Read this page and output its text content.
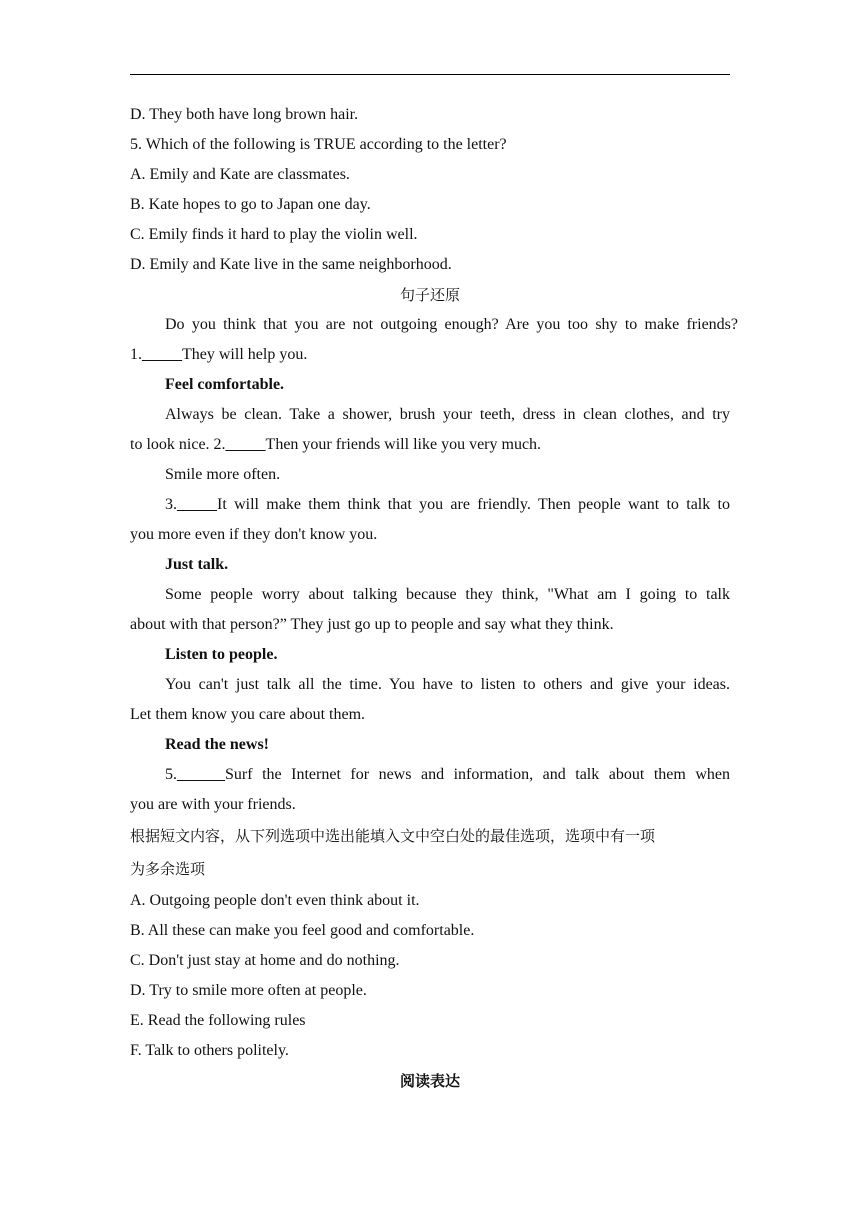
D. They both have long brown hair.
5. Which of the following is TRUE according to the letter?
A. Emily and Kate are classmates.
B. Kate hopes to go to Japan one day.
C. Emily finds it hard to play the violin well.
D. Emily and Kate live in the same neighborhood.
句子还原
Do you think that you are not outgoing enough? Are you too shy to make friends?
1._____They will help you.
Feel comfortable.
Always be clean. Take a shower, brush your teeth, dress in clean clothes, and try
to look nice. 2._____Then your friends will like you very much.
Smile more often.
3._____It will make them think that you are friendly. Then people want to talk to
you more even if they don't know you.
Just talk.
Some people worry about talking because they think, "What am I going to talk
about with that person?” They just go up to people and say what they think.
Listen to people.
You can't just talk all the time. You have to listen to others and give your ideas.
Let them know you care about them.
Read the news!
5.______Surf the Internet for news and information, and talk about them when
you are with your friends.
根据短文内容，从下列选项中选出能填入文中空白处的最佳选项，选项中有一项
为多余选项
A. Outgoing people don't even think about it.
B. All these can make you feel good and comfortable.
C. Don't just stay at home and do nothing.
D. Try to smile more often at people.
E. Read the following rules
F. Talk to others politely.
阅读表达
